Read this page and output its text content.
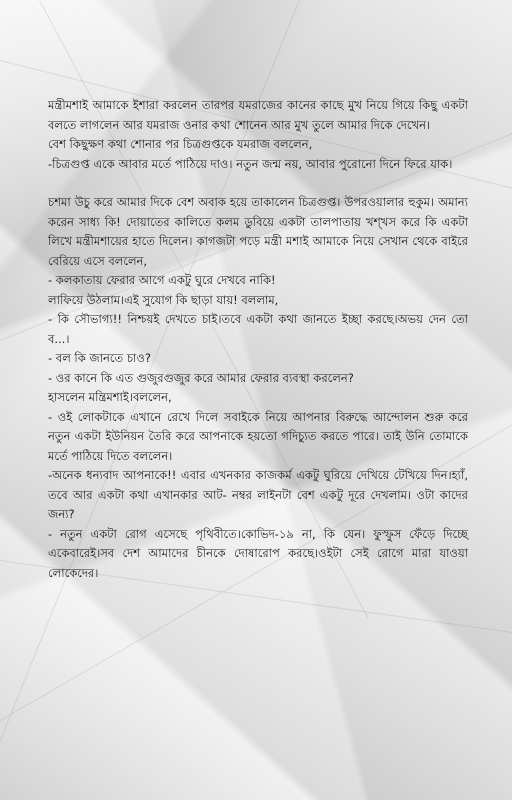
মন্ত্রীমশাই আমাকে ইশারা করলেন তারপর যমরাজের কানের কাছে মুখ নিয়ে গিয়ে কিছু একটা বলতে লাগলেন আর যমরাজ ওনার কথা শোনেন আর মুখ তুলে আমার দিকে দেখেন।

বেশ কিছুক্ষণ কথা শোনার পর চিত্রগুপ্তকে যমরাজ বললেন,

-চিত্রগুপ্ত একে আবার মর্তে পাঠিয়ে দাও। নতুন জন্ম নয়, আবার পুরোনো দিনে ফিরে যাক।

চশমা উচু করে আমার দিকে বেশ অবাক হয়ে তাকালেন চিত্রগুপ্ত। উপরওয়ালার হুকুম। অমান্য করেন সাধ্য কি! দোয়াতের কালিতে কলম ডুবিয়ে একটা তালপাতায় খশ্খস করে কি একটা লিখে মন্ত্রীমশায়ের হাতে দিলেন। কাগজটা পড়ে মন্ত্রী মশাই আমাকে নিয়ে সেখান থেকে বাইরে বেরিয়ে এসে বললেন,

- কলকাতায় ফেরার আগে একটু ঘুরে দেখবে নাকি!

লাফিয়ে উঠলাম।এই সুযোগ কি ছাড়া যায়! বললাম,

- কি সৌভাগ্য!! নিশ্চয়ই দেখতে চাই।তবে একটা কথা জানতে ইচ্ছা করছে।অভয় দেন তো ব...।

- বল কি জানতে চাও?

- ওর কানে কি এত গুজুরগুজুর করে আমার ফেরার ব্যবস্থা করলেন?

হাসলেন মন্ত্রিমশাই।বললেন,

- ওই লোকটাকে এখানে রেখে দিলে সবাইকে নিয়ে আপনার বিরুদ্ধে আন্দোলন শুরু করে নতুন একটা ইউনিয়ন তৈরি করে আপনাকে হয়তো গদিচ্যুত করতে পারে। তাই উনি তোমাকে মর্তে পাঠিয়ে দিতে বললেন।

-অনেক ধন্যবাদ আপনাকে!! এবার এখনকার কাজকর্ম একটু ঘুরিয়ে দেখিয়ে টেখিয়ে দিন।হ্যাঁ, তবে আর একটা কথা এখানকার আট- নম্বর লাইনটা বেশ একটু দূরে দেখলাম। ওটা কাদের জন্য?

- নতুন একটা রোগ এসেছে পৃথিবীতে।কোভিদ-১৯ না, কি যেন। ফুস্ফুস ফেঁড়ে দিচ্ছে একেবারেই।সব দেশ আমাদের চীনকে দোষারোপ করছে।ওইটা সেই রোগে মারা যাওয়া লোকেদের।
